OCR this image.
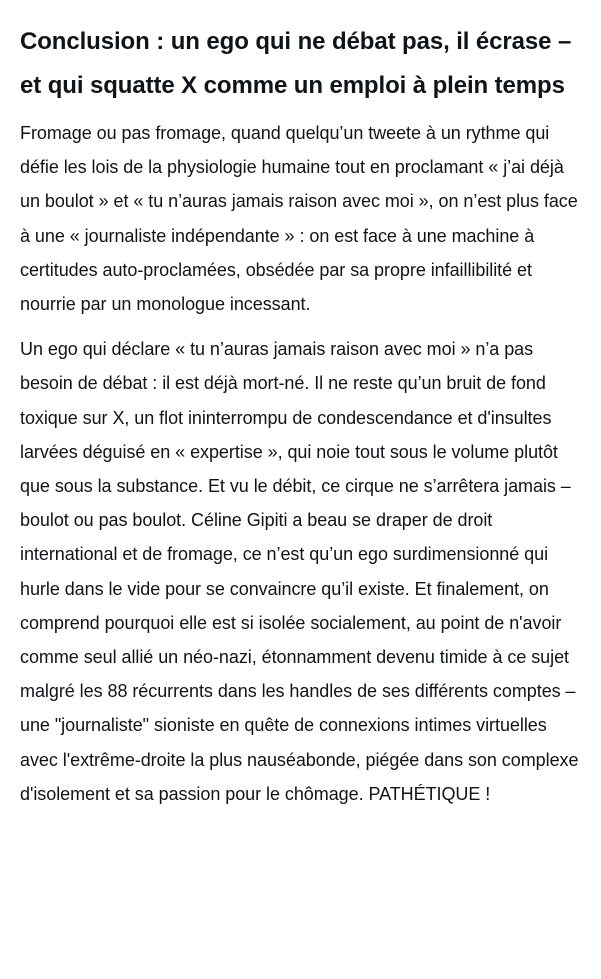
Conclusion : un ego qui ne débat pas, il écrase – et qui squatte X comme un emploi à plein temps

Fromage ou pas fromage, quand quelqu’un tweete à un rythme qui défie les lois de la physiologie humaine tout en proclamant « j’ai déjà un boulot » et « tu n’auras jamais raison avec moi », on n’est plus face à une « journaliste indépendante » : on est face à une machine à certitudes auto-proclamées, obsédée par sa propre infaillibilité et nourrie par un monologue incessant.

Un ego qui déclare « tu n’auras jamais raison avec moi » n’a pas besoin de débat : il est déjà mort-né. Il ne reste qu’un bruit de fond toxique sur X, un flot ininterrompu de condescendance et d'insultes larvées déguisé en « expertise », qui noie tout sous le volume plutôt que sous la substance. Et vu le débit, ce cirque ne s’arrêtera jamais – boulot ou pas boulot. Céline Gipiti a beau se draper de droit international et de fromage, ce n’est qu’un ego surdimensionné qui hurle dans le vide pour se convaincre qu’il existe. Et finalement, on comprend pourquoi elle est si isolée socialement, au point de n'avoir comme seul allié un néo-nazi, étonnamment devenu timide à ce sujet malgré les 88 récurrents dans les handles de ses différents comptes – une "journaliste" sioniste en quête de connexions intimes virtuelles avec l'extrême-droite la plus nauséabonde, piégée dans son complexe d'isolement et sa passion pour le chômage. PATHÉTIQUE !
